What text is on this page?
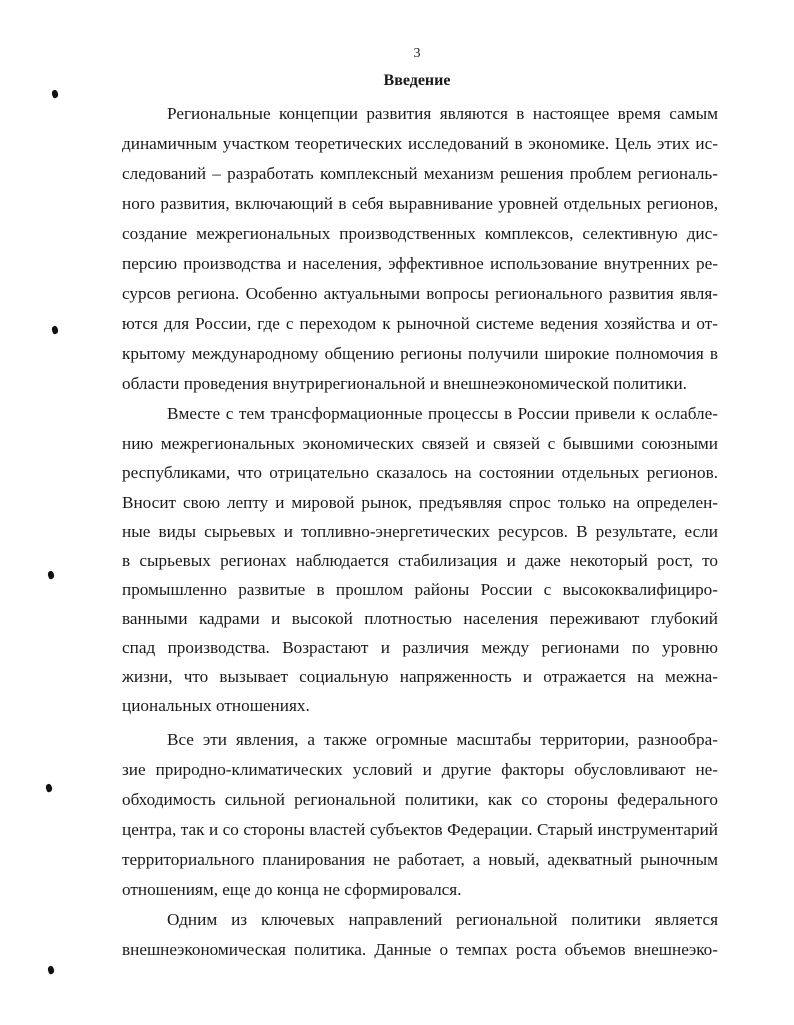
3
Введение
Региональные концепции развития являются в настоящее время самым
динамичным участком теоретических исследований в экономике. Цель этих ис-
следований – разработать комплексный механизм решения проблем региональ-
ного развития, включающий в себя выравнивание уровней отдельных регионов,
создание межрегиональных производственных комплексов, селективную дис-
персию производства и населения, эффективное использование внутренних ре-
сурсов региона. Особенно актуальными вопросы регионального развития явля-
ются для России, где с переходом к рыночной системе ведения хозяйства и от-
крытому международному общению регионы получили широкие полномочия в
области проведения внутрирегиональной и внешнеэкономической политики.
Вместе с тем трансформационные процессы в России привели к ослабле-
нию межрегиональных экономических связей и связей с бывшими союзными
республиками, что отрицательно сказалось на состоянии отдельных регионов.
Вносит свою лепту и мировой рынок, предъявляя спрос только на определен-
ные виды сырьевых и топливно-энергетических ресурсов. В результате, если
в сырьевых регионах наблюдается стабилизация и даже некоторый рост, то
промышленно развитые в прошлом районы России с высококвалифициро-
ванными кадрами и высокой плотностью населения переживают глубокий
спад производства. Возрастают и различия между регионами по уровню
жизни, что вызывает социальную напряженность и отражается на межна-
циональных отношениях.
Все эти явления, а также огромные масштабы территории, разнообра-
зие природно-климатических условий и другие факторы обусловливают не-
обходимость сильной региональной политики, как со стороны федерального
центра, так и со стороны властей субъектов Федерации. Старый инструментарий
территориального планирования не работает, а новый, адекватный рыночным
отношениям, еще до конца не сформировался.
Одним из ключевых направлений региональной политики является
внешнеэкономическая политика. Данные о темпах роста объемов внешнеэко-
